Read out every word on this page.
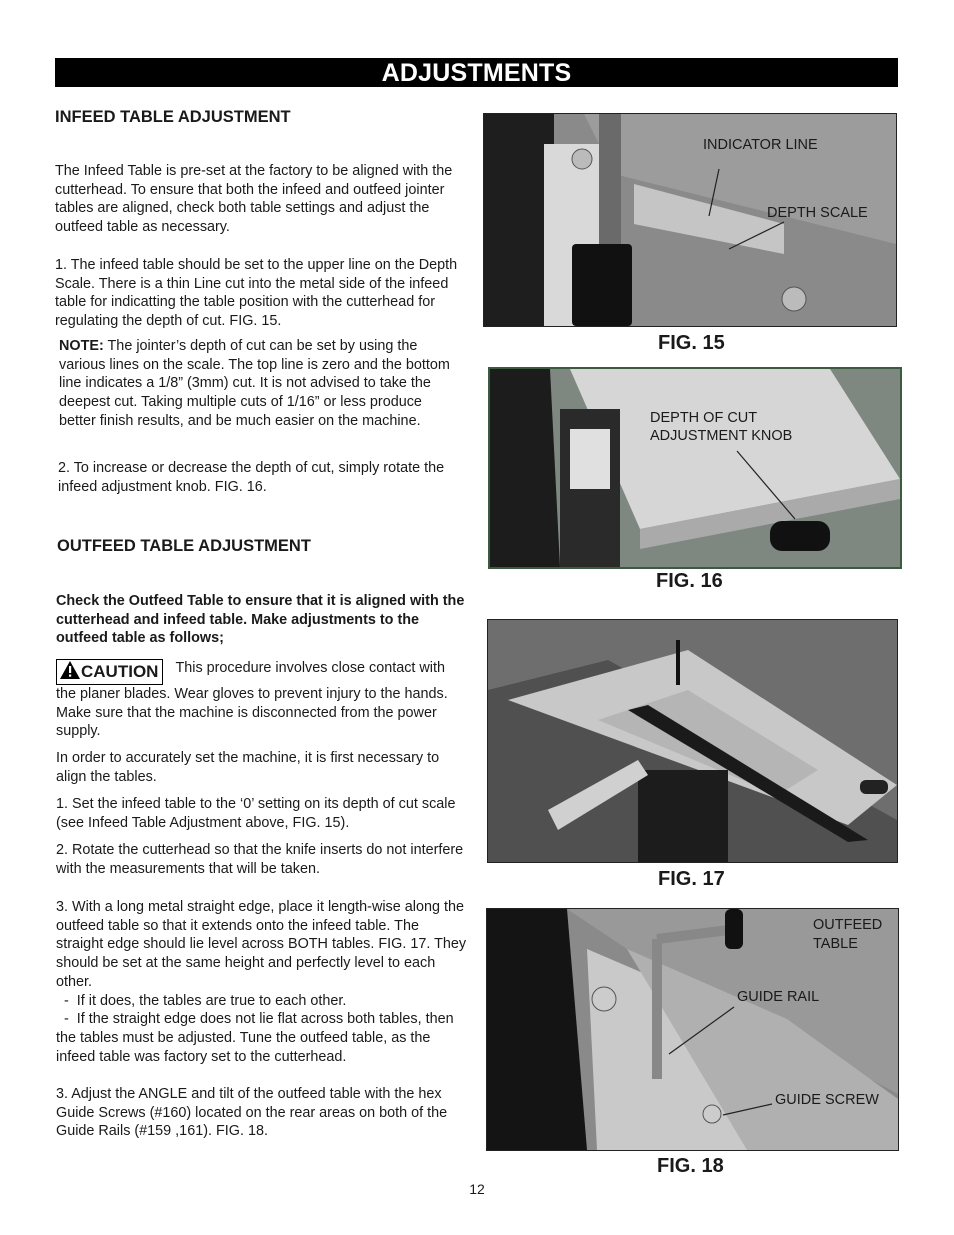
ADJUSTMENTS
INFEED TABLE ADJUSTMENT

The Infeed Table is pre-set at the factory to be aligned with the cutterhead. To ensure that both the infeed and outfeed jointer tables are aligned, check both table settings and adjust the outfeed table as necessary.

1. The infeed table should be set to the upper line on the Depth Scale. There is a thin Line cut into the metal side of the infeed table for indicatting the table position with the cutterhead for regulating the depth of cut. FIG. 15.

NOTE: The jointer’s depth of cut can be set by using the various lines on the scale. The top line is zero and the bottom line indicates a 1/8” (3mm) cut. It is not advised to take the deepest cut. Taking multiple cuts of 1/16” or less produce better finish results, and be much easier on the machine.

2. To increase or decrease the depth of cut, simply rotate the infeed adjustment knob. FIG. 16.

OUTFEED TABLE ADJUSTMENT

Check the Outfeed Table to ensure that it is aligned with the cutterhead and infeed table. Make adjustments to the outfeed table as follows;

CAUTION This procedure involves close contact with the planer blades. Wear gloves to prevent injury to the hands. Make sure that the machine is disconnected from the power supply.

In order to accurately set the machine, it is first necessary to align the tables.

1. Set the infeed table to the ‘0’ setting on its depth of cut scale (see Infeed Table Adjustment above, FIG. 15).

2. Rotate the cutterhead so that the knife inserts do not interfere with the measurements that will be taken.

3. With a long metal straight edge, place it length-wise along the outfeed table so that it extends onto the infeed table. The straight edge should lie level across BOTH tables. FIG. 17. They should be set at the same height and perfectly level to each other.

-  If it does, the tables are true to each other.

-  If the straight edge does not lie flat across both tables, then the tables must be adjusted. Tune the outfeed table, as the infeed table was factory set to the cutterhead.

3. Adjust the ANGLE and tilt of the outfeed table with the hex Guide Screws (#160) located on the rear areas on both of the Guide Rails (#159 ,161). FIG. 18.

INDICATOR LINE
DEPTH SCALE
FIG. 15
DEPTH OF CUT
ADJUSTMENT KNOB
FIG. 16
FIG. 17
OUTFEED
TABLE
GUIDE RAIL
GUIDE SCREW
FIG. 18
12
